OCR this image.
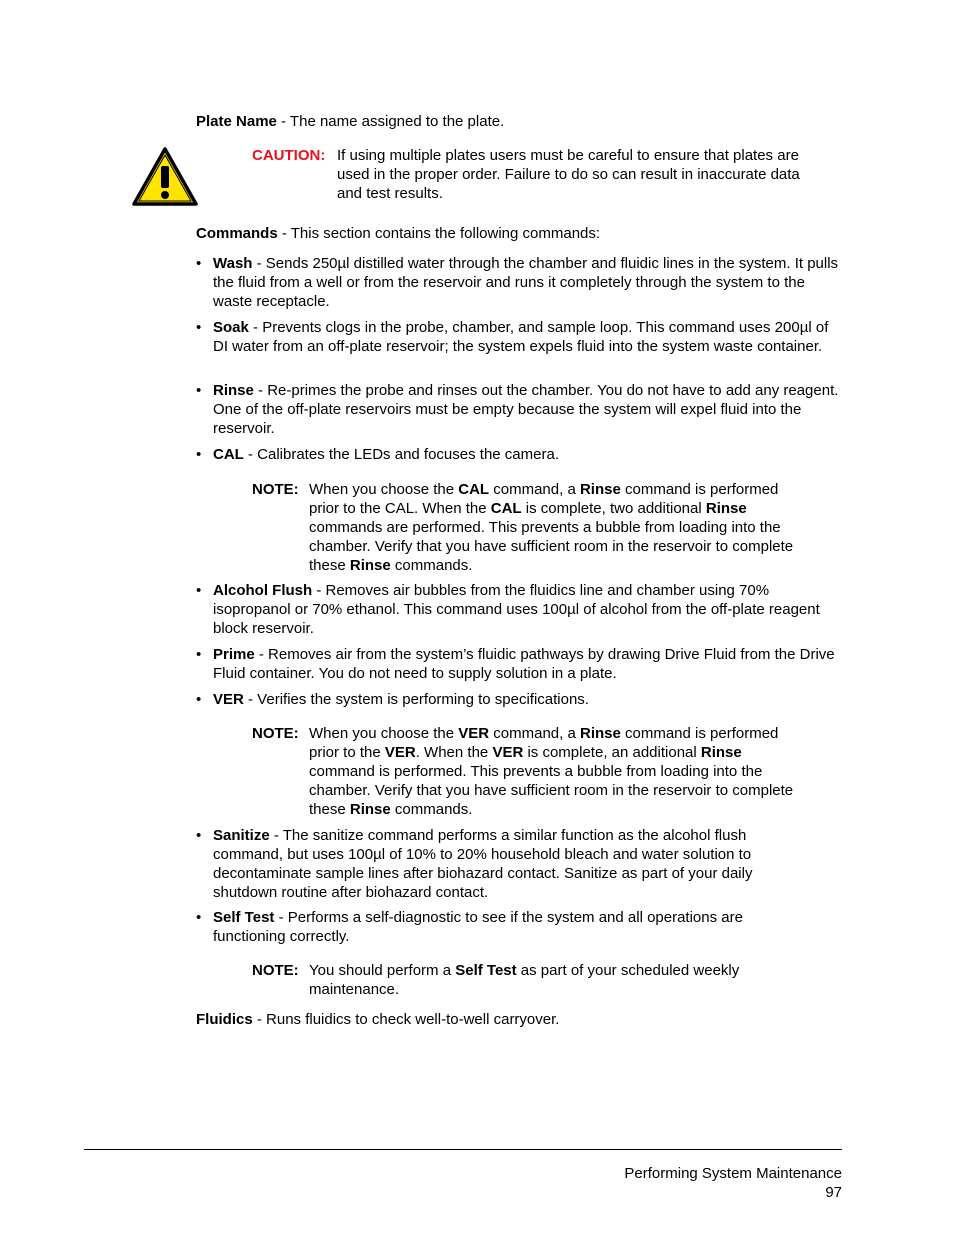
Plate Name - The name assigned to the plate.
CAUTION: If using multiple plates users must be careful to ensure that plates are used in the proper order. Failure to do so can result in inaccurate data and test results.
Commands - This section contains the following commands:
• Wash - Sends 250µl distilled water through the chamber and fluidic lines in the system. It pulls the fluid from a well or from the reservoir and runs it completely through the system to the waste receptacle.
• Soak - Prevents clogs in the probe, chamber, and sample loop. This command uses 200µl of DI water from an off-plate reservoir; the system expels fluid into the system waste container.
• Rinse - Re-primes the probe and rinses out the chamber. You do not have to add any reagent. One of the off-plate reservoirs must be empty because the system will expel fluid into the reservoir.
• CAL - Calibrates the LEDs and focuses the camera.
NOTE: When you choose the CAL command, a Rinse command is performed prior to the CAL. When the CAL is complete, two additional Rinse commands are performed. This prevents a bubble from loading into the chamber. Verify that you have sufficient room in the reservoir to complete these Rinse commands.
• Alcohol Flush - Removes air bubbles from the fluidics line and chamber using 70% isopropanol or 70% ethanol. This command uses 100µl of alcohol from the off-plate reagent block reservoir.
• Prime - Removes air from the system’s fluidic pathways by drawing Drive Fluid from the Drive Fluid container. You do not need to supply solution in a plate.
• VER - Verifies the system is performing to specifications.
NOTE: When you choose the VER command, a Rinse command is performed prior to the VER. When the VER is complete, an additional Rinse command is performed. This prevents a bubble from loading into the chamber. Verify that you have sufficient room in the reservoir to complete these Rinse commands.
• Sanitize - The sanitize command performs a similar function as the alcohol flush command, but uses 100µl of 10% to 20% household bleach and water solution to decontaminate sample lines after biohazard contact. Sanitize as part of your daily shutdown routine after biohazard contact.
• Self Test - Performs a self-diagnostic to see if the system and all operations are functioning correctly.
NOTE: You should perform a Self Test as part of your scheduled weekly maintenance.
Fluidics - Runs fluidics to check well-to-well carryover.
Performing System Maintenance
97
